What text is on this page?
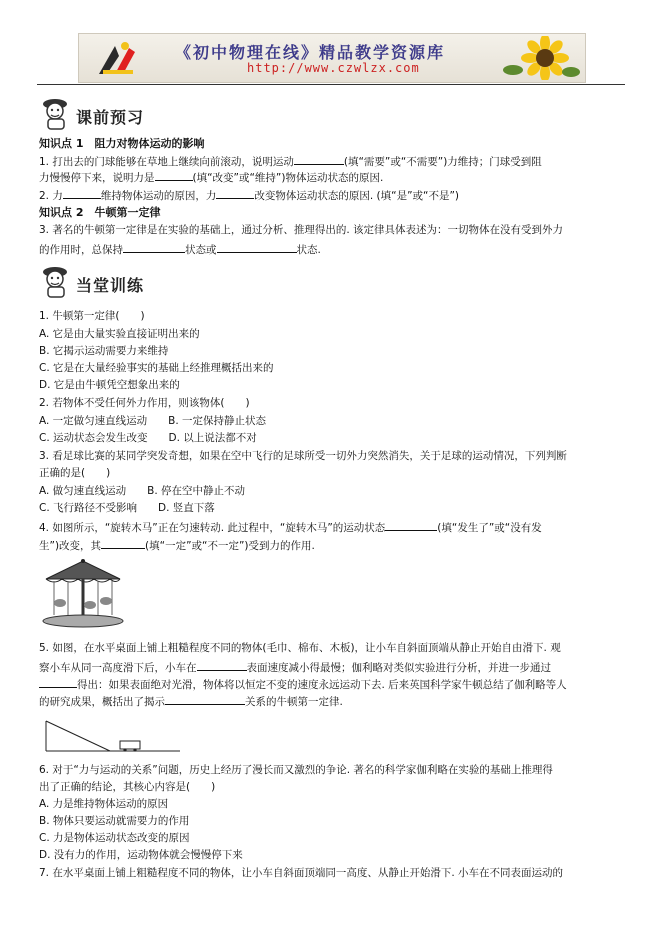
《初中物理在线》精品教学资源库
http://www.czwlzx.com
课前预习
知识点 1　阻力对物体运动的影响
1. 打出去的门球能够在草地上继续向前滚动，说明运动	(填“需要”或“不需要”)力维持；门球受到阻
力慢慢停下来，说明力是	(填“改变”或“维持”)物体运动状态的原因.
2. 力	维持物体运动的原因，力	改变物体运动状态的原因. (填“是”或“不是”)
知识点 2　牛顿第一定律
3. 著名的牛顿第一定律是在实验的基础上，通过分析、推理得出的. 该定律具体表述为：一切物体在没有受到外力
的作用时，总保持	状态或	状态.
当堂训练
1. 牛顿第一定律(　　)
A. 它是由大量实验直接证明出来的
B. 它揭示运动需要力来维持
C. 它是在大量经验事实的基础上经推理概括出来的
D. 它是由牛顿凭空想象出来的
2. 若物体不受任何外力作用，则该物体(　　)
A. 一定做匀速直线运动　　B. 一定保持静止状态
C. 运动状态会发生改变　　D. 以上说法都不对
3. 看足球比赛的某同学突发奇想，如果在空中飞行的足球所受一切外力突然消失，关于足球的运动情况，下列判断
正确的是(　　)
A. 做匀速直线运动　　B. 停在空中静止不动
C. 飞行路径不受影响　　D. 竖直下落
4. 如图所示，“旋转木马”正在匀速转动. 此过程中，“旋转木马”的运动状态	(填“发生了”或“没有发
生”)改变，其	(填“一定”或“不一定”)受到力的作用.
5. 如图，在水平桌面上铺上粗糙程度不同的物体(毛巾、棉布、木板)，让小车自斜面顶端从静止开始自由滑下. 观
察小车从同一高度滑下后，小车在	表面速度减小得最慢；伽利略对类似实验进行分析，并进一步通过
得出：如果表面绝对光滑，物体将以恒定不变的速度永远运动下去. 后来英国科学家牛顿总结了伽利略等人
的研究成果，概括出了揭示	关系的牛顿第一定律.
6. 对于“力与运动的关系”问题，历史上经历了漫长而又激烈的争论. 著名的科学家伽利略在实验的基础上推理得
出了正确的结论，其核心内容是(　　)
A. 力是维持物体运动的原因
B. 物体只要运动就需要力的作用
C. 力是物体运动状态改变的原因
D. 没有力的作用，运动物体就会慢慢停下来
7. 在水平桌面上铺上粗糙程度不同的物体，让小车自斜面顶端同一高度、从静止开始滑下. 小车在不同表面运动的
